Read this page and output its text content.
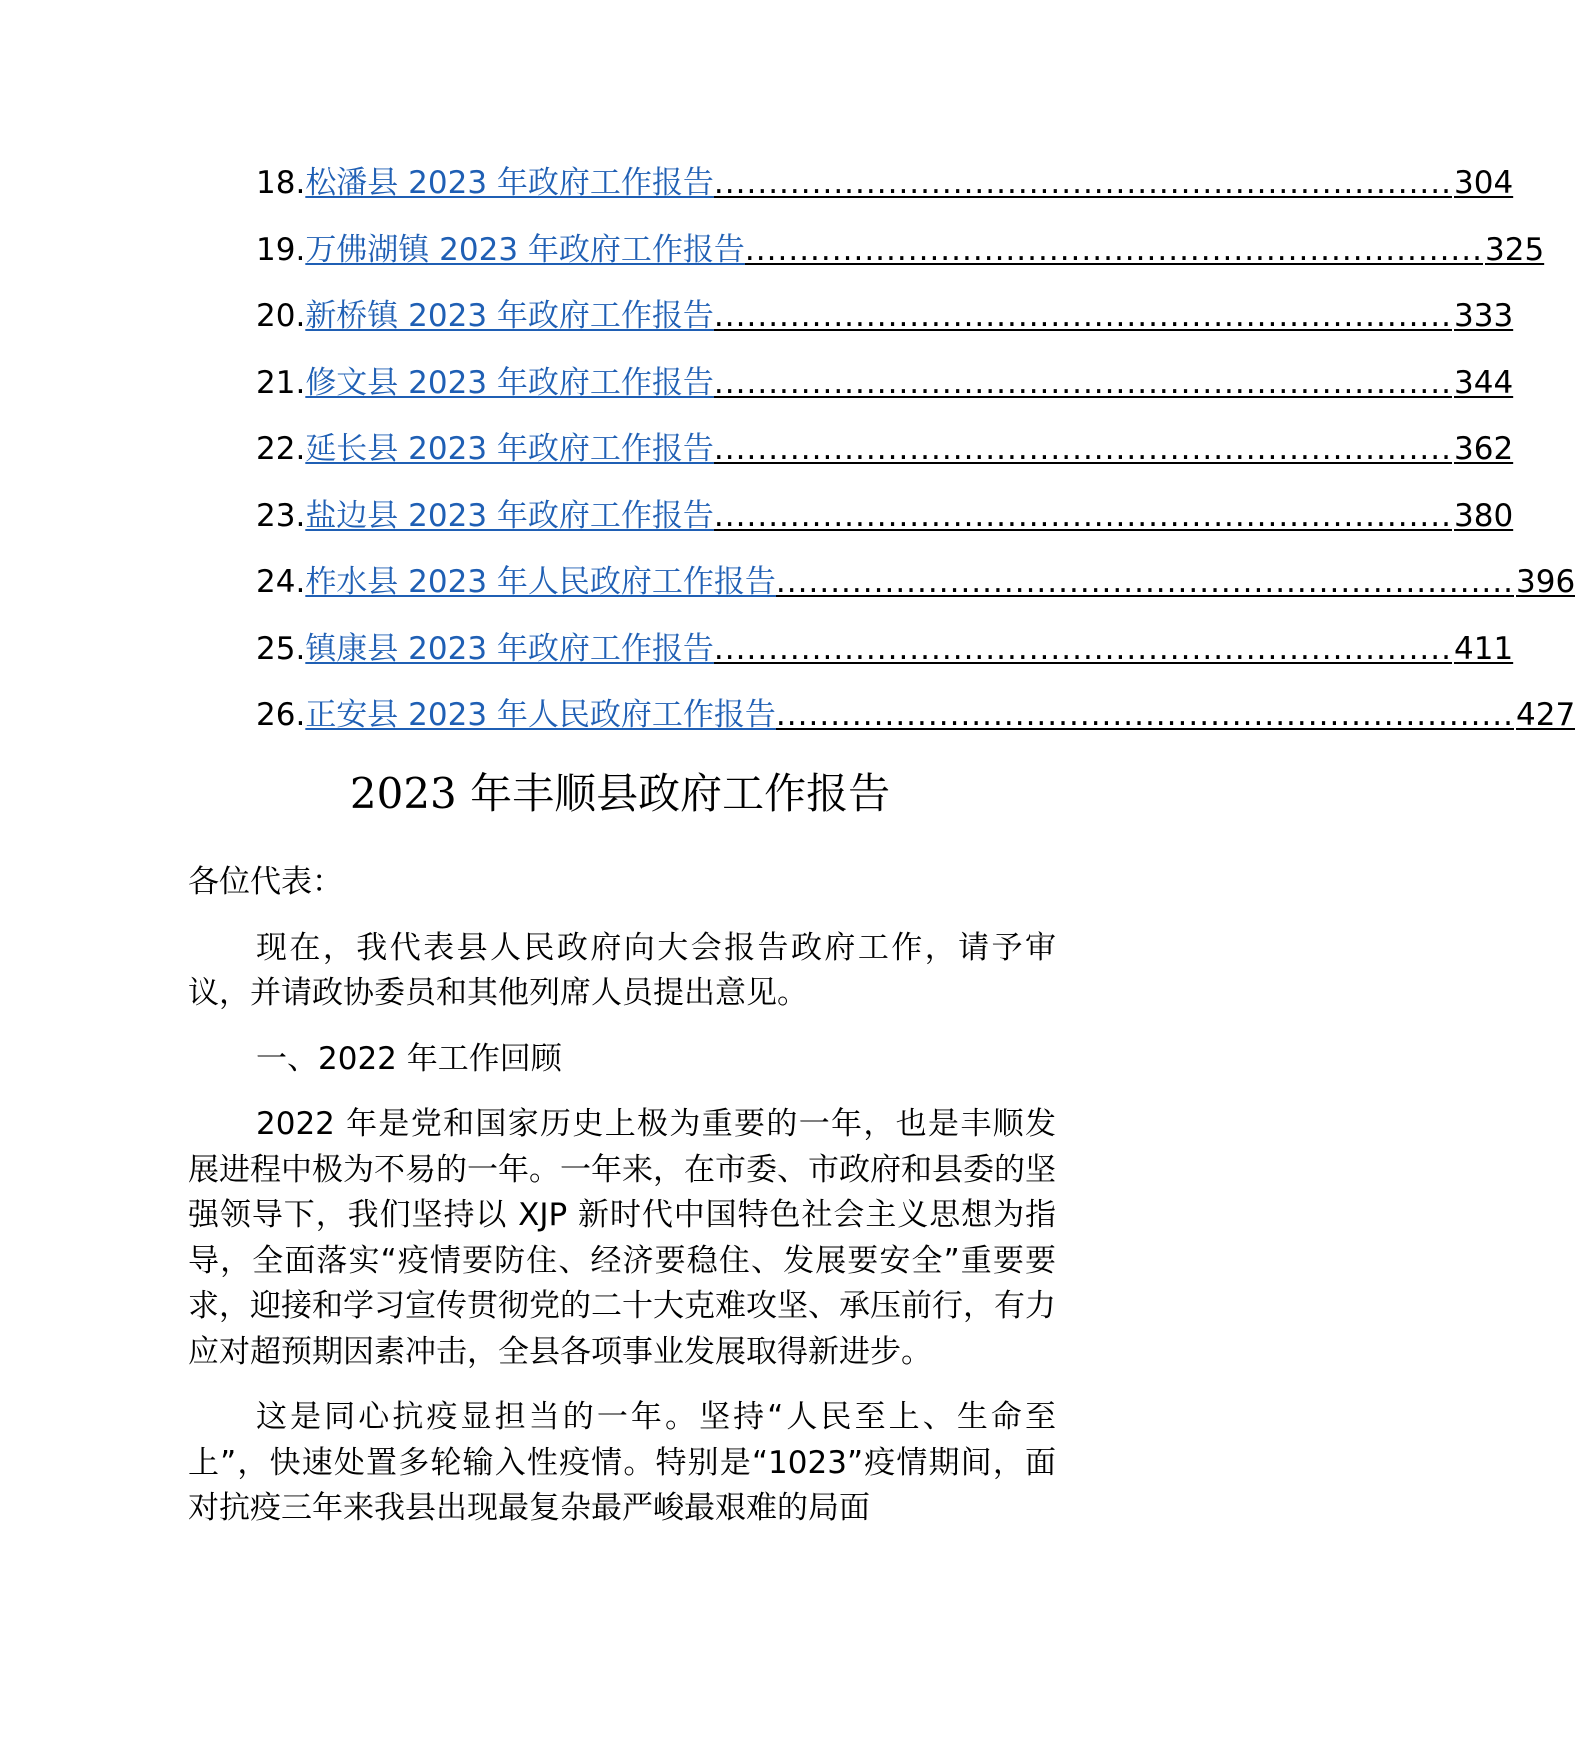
18. 松潘县 2023 年政府工作报告 .................................................................... 304
19. 万佛湖镇 2023 年政府工作报告 .................................................................... 325
20. 新桥镇 2023 年政府工作报告 .................................................................... 333
21. 修文县 2023 年政府工作报告 .................................................................... 344
22. 延长县 2023 年政府工作报告 .................................................................... 362
23. 盐边县 2023 年政府工作报告 .................................................................... 380
24. 柞水县 2023 年人民政府工作报告 .................................................................... 396
25. 镇康县 2023 年政府工作报告 .................................................................... 411
26. 正安县 2023 年人民政府工作报告 .................................................................... 427
2023 年丰顺县政府工作报告

各位代表：

现在，我代表县人民政府向大会报告政府工作，请予审议，并请政协委员和其他列席人员提出意见。

一、2022 年工作回顾

2022 年是党和国家历史上极为重要的一年，也是丰顺发展进程中极为不易的一年。一年来，在市委、市政府和县委的坚强领导下，我们坚持以 XJP 新时代中国特色社会主义思想为指导，全面落实“疫情要防住、经济要稳住、发展要安全”重要要求，迎接和学习宣传贯彻党的二十大克难攻坚、承压前行，有力应对超预期因素冲击，全县各项事业发展取得新进步。

这是同心抗疫显担当的一年。坚持“人民至上、生命至上”，快速处置多轮输入性疫情。特别是“1023”疫情期间，面对抗疫三年来我县出现最复杂最严峻最艰难的局面
